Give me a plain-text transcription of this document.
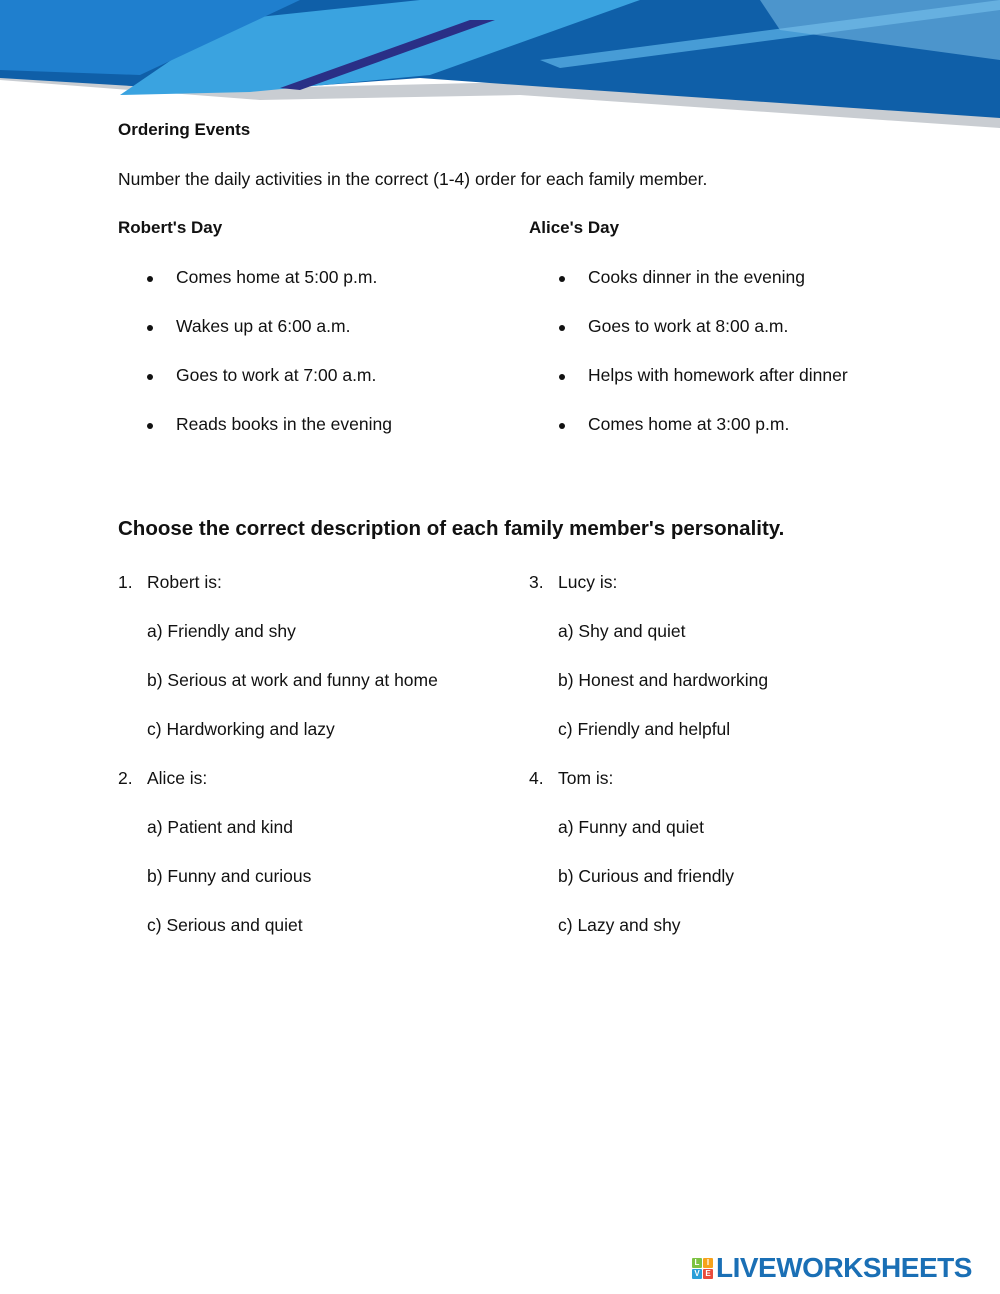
Ordering Events
Number the daily activities in the correct (1-4) order for each family member.
Robert's Day
Comes home at 5:00 p.m.
Wakes up at 6:00 a.m.
Goes to work at 7:00 a.m.
Reads books in the evening
Alice's Day
Cooks dinner in the evening
Goes to work at 8:00 a.m.
Helps with homework after dinner
Comes home at 3:00 p.m.
Choose the correct description of each family member's personality.
1. Robert is:
a) Friendly and shy
b) Serious at work and funny at home
c) Hardworking and lazy
2. Alice is:
a) Patient and kind
b) Funny and curious
c) Serious and quiet
3. Lucy is:
a) Shy and quiet
b) Honest and hardworking
c) Friendly and helpful
4. Tom is:
a) Funny and quiet
b) Curious and friendly
c) Lazy and shy
L I
V E LIVEWORKSHEETS
